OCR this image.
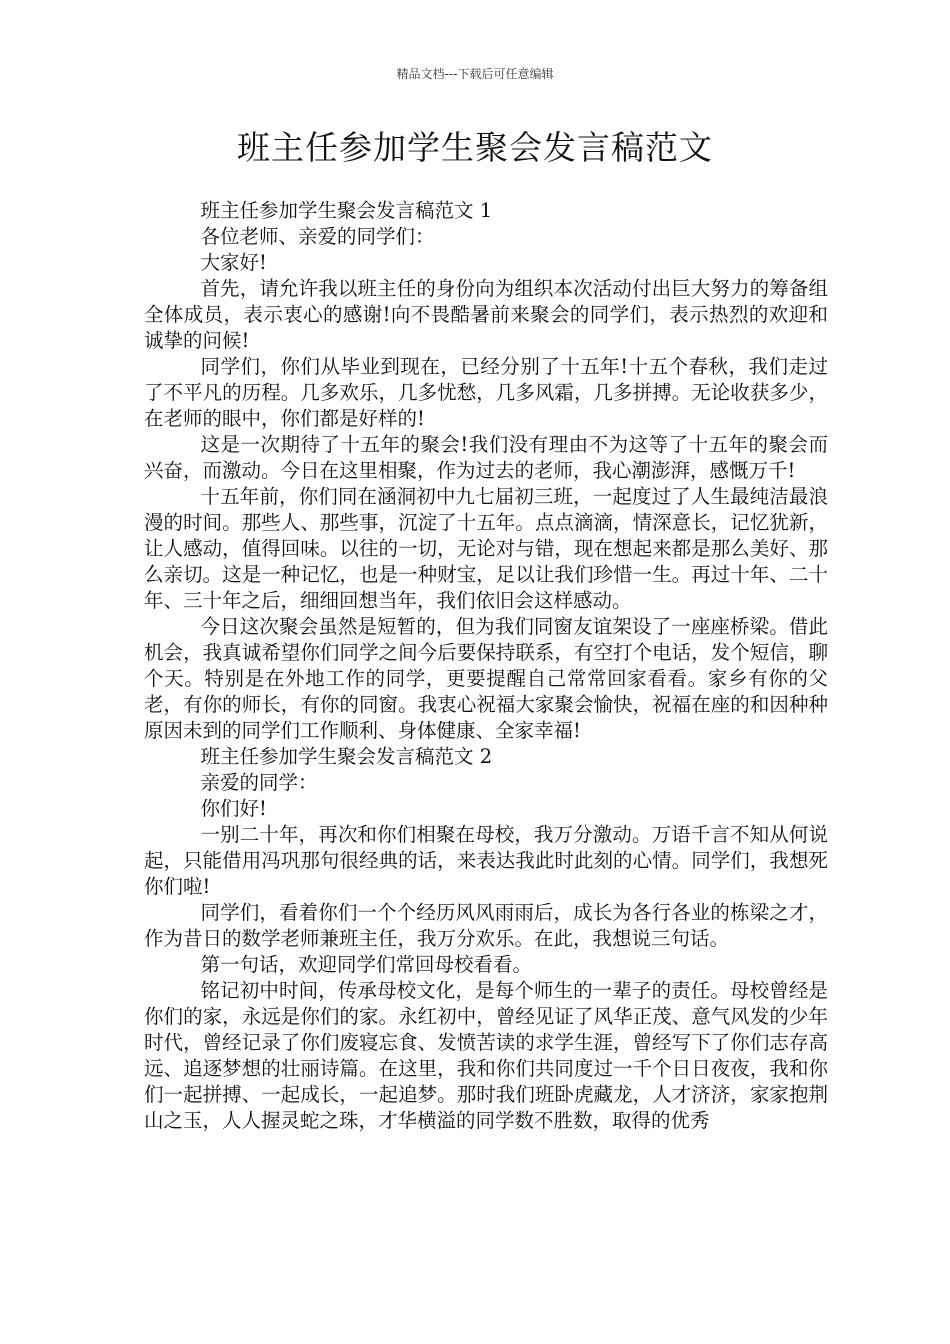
精品文档---下载后可任意编辑
班主任参加学生聚会发言稿范文

班主任参加学生聚会发言稿范文 1

各位老师、亲爱的同学们：

大家好!

首先，请允许我以班主任的身份向为组织本次活动付出巨大努力的筹备组全体成员，表示衷心的感谢!向不畏酷暑前来聚会的同学们，表示热烈的欢迎和诚挚的问候!

同学们，你们从毕业到现在，已经分别了十五年!十五个春秋，我们走过了不平凡的历程。几多欢乐，几多忧愁，几多风霜，几多拼搏。无论收获多少，在老师的眼中，你们都是好样的!

这是一次期待了十五年的聚会!我们没有理由不为这等了十五年的聚会而兴奋，而激动。今日在这里相聚，作为过去的老师，我心潮澎湃，感慨万千!

十五年前，你们同在涵洞初中九七届初三班，一起度过了人生最纯洁最浪漫的时间。那些人、那些事，沉淀了十五年。点点滴滴，情深意长，记忆犹新，让人感动，值得回味。以往的一切，无论对与错，现在想起来都是那么美好、那么亲切。这是一种记忆，也是一种财宝，足以让我们珍惜一生。再过十年、二十年、三十年之后，细细回想当年，我们依旧会这样感动。

今日这次聚会虽然是短暂的，但为我们同窗友谊架设了一座座桥梁。借此机会，我真诚希望你们同学之间今后要保持联系，有空打个电话，发个短信，聊个天。特别是在外地工作的同学，更要提醒自己常常回家看看。家乡有你的父老，有你的师长，有你的同窗。我衷心祝福大家聚会愉快，祝福在座的和因种种原因未到的同学们工作顺利、身体健康、全家幸福!

班主任参加学生聚会发言稿范文 2

亲爱的同学：

你们好!

一别二十年，再次和你们相聚在母校，我万分激动。万语千言不知从何说起，只能借用冯巩那句很经典的话，来表达我此时此刻的心情。同学们，我想死你们啦!

同学们，看着你们一个个经历风风雨雨后，成长为各行各业的栋梁之才，作为昔日的数学老师兼班主任，我万分欢乐。在此，我想说三句话。

第一句话，欢迎同学们常回母校看看。

铭记初中时间，传承母校文化，是每个师生的一辈子的责任。母校曾经是你们的家，永远是你们的家。永红初中，曾经见证了风华正茂、意气风发的少年时代，曾经记录了你们废寝忘食、发愤苦读的求学生涯，曾经写下了你们志存高远、追逐梦想的壮丽诗篇。在这里，我和你们共同度过一千个日日夜夜，我和你们一起拼搏、一起成长，一起追梦。那时我们班卧虎藏龙，人才济济，家家抱荆山之玉，人人握灵蛇之珠，才华横溢的同学数不胜数，取得的优秀
